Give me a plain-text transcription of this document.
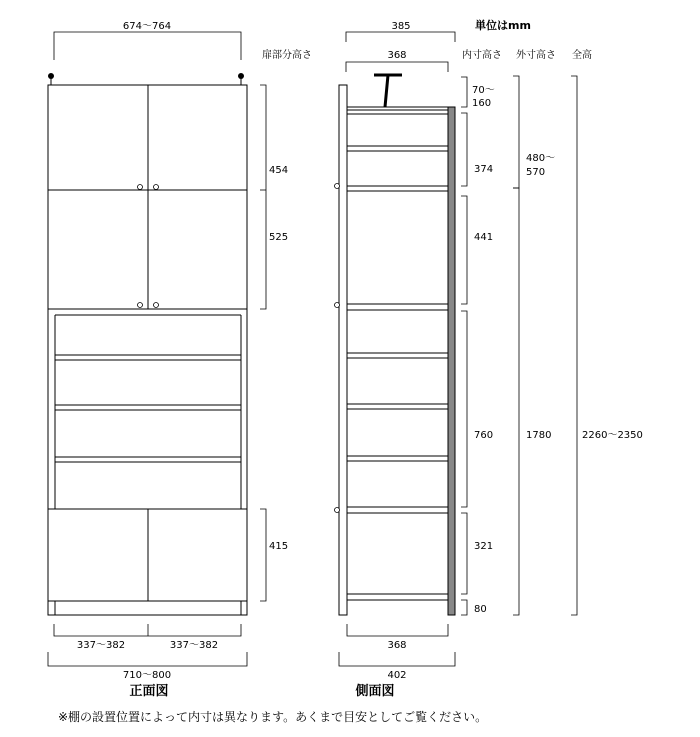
674～764
454
525
415
337～382	337～382
710～800
正面図
385
368
70～
160
374
441
760
321
80
480～
570
1780	2260～2350
368
402
側面図
単位はmm
扉部分高さ	内寸高さ 外寸高さ 全高
※棚の設置位置によって内寸は異なります。あくまで目安としてご覧ください。
